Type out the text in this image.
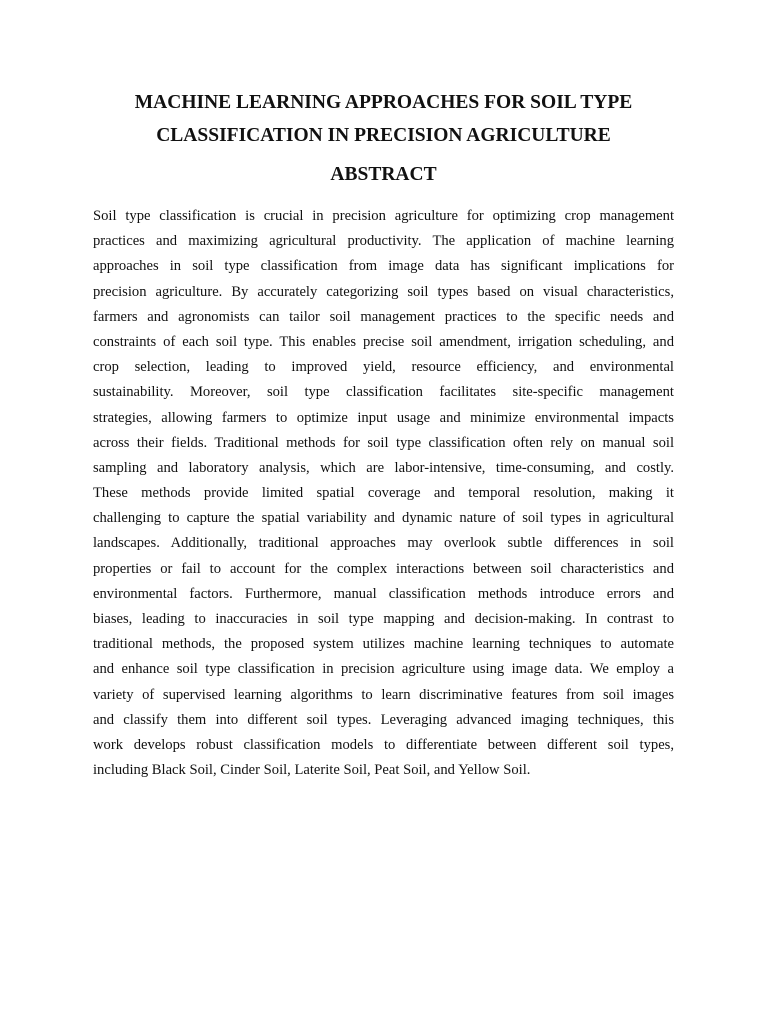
MACHINE LEARNING APPROACHES FOR SOIL TYPE
CLASSIFICATION IN PRECISION AGRICULTURE
ABSTRACT
Soil type classification is crucial in precision agriculture for optimizing crop management
practices and maximizing agricultural productivity. The application of machine learning
approaches in soil type classification from image data has significant implications for
precision agriculture. By accurately categorizing soil types based on visual characteristics,
farmers and agronomists can tailor soil management practices to the specific needs and
constraints of each soil type. This enables precise soil amendment, irrigation scheduling, and
crop selection, leading to improved yield, resource efficiency, and environmental
sustainability. Moreover, soil type classification facilitates site-specific management
strategies, allowing farmers to optimize input usage and minimize environmental impacts
across their fields. Traditional methods for soil type classification often rely on manual soil
sampling and laboratory analysis, which are labor-intensive, time-consuming, and costly.
These methods provide limited spatial coverage and temporal resolution, making it
challenging to capture the spatial variability and dynamic nature of soil types in agricultural
landscapes. Additionally, traditional approaches may overlook subtle differences in soil
properties or fail to account for the complex interactions between soil characteristics and
environmental factors. Furthermore, manual classification methods introduce errors and
biases, leading to inaccuracies in soil type mapping and decision-making. In contrast to
traditional methods, the proposed system utilizes machine learning techniques to automate
and enhance soil type classification in precision agriculture using image data. We employ a
variety of supervised learning algorithms to learn discriminative features from soil images
and classify them into different soil types. Leveraging advanced imaging techniques, this
work develops robust classification models to differentiate between different soil types,
including Black Soil, Cinder Soil, Laterite Soil, Peat Soil, and Yellow Soil.
